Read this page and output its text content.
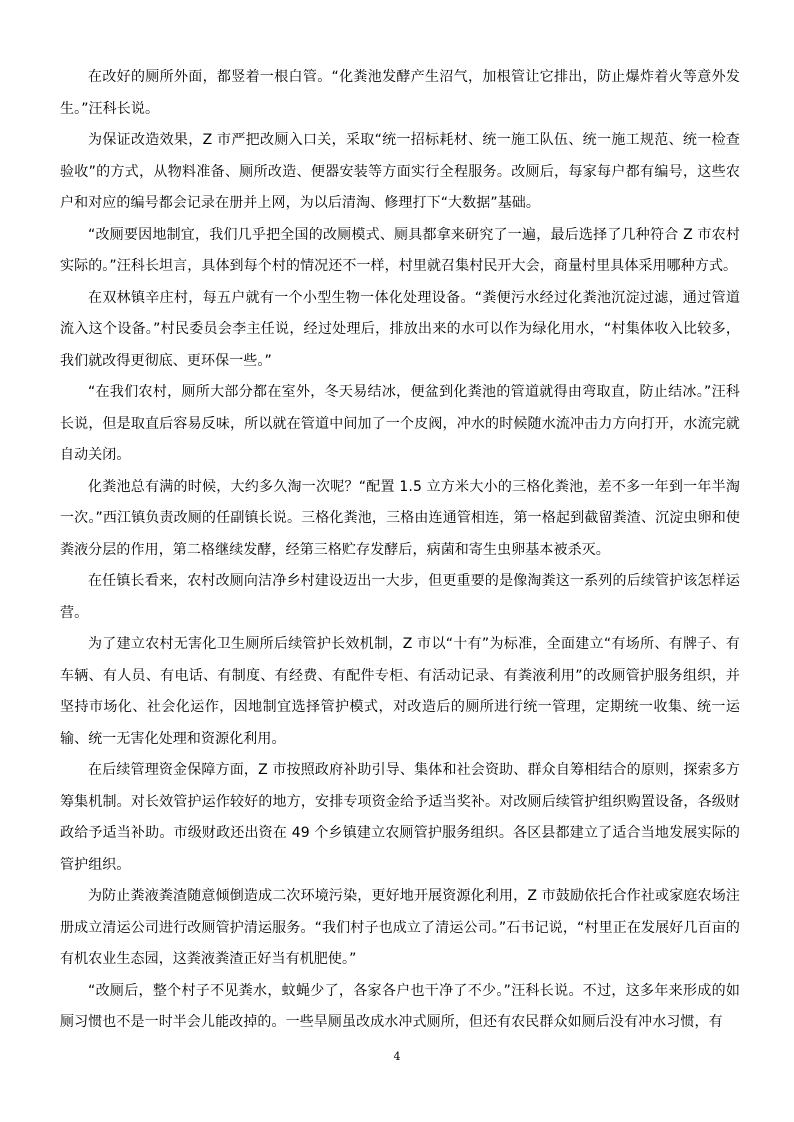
在改好的厕所外面，都竖着一根白管。“化粪池发酵产生沼气，加根管让它排出，防止爆炸着火等意外发生。”汪科长说。

为保证改造效果，Z 市严把改厕入口关，采取“统一招标耗材、统一施工队伍、统一施工规范、统一检查验收”的方式，从物料准备、厕所改造、便器安装等方面实行全程服务。改厕后，每家每户都有编号，这些农户和对应的编号都会记录在册并上网，为以后清淘、修理打下“大数据”基础。

“改厕要因地制宜，我们几乎把全国的改厕模式、厕具都拿来研究了一遍，最后选择了几种符合 Z 市农村实际的。”汪科长坦言，具体到每个村的情况还不一样，村里就召集村民开大会，商量村里具体采用哪种方式。

在双林镇辛庄村，每五户就有一个小型生物一体化处理设备。“粪便污水经过化粪池沉淀过滤，通过管道流入这个设备。”村民委员会李主任说，经过处理后，排放出来的水可以作为绿化用水，“村集体收入比较多，我们就改得更彻底、更环保一些。”

“在我们农村，厕所大部分都在室外，冬天易结冰，便盆到化粪池的管道就得由弯取直，防止结冰。”汪科长说，但是取直后容易反味，所以就在管道中间加了一个皮阀，冲水的时候随水流冲击力方向打开，水流完就自动关闭。

化粪池总有满的时候，大约多久淘一次呢？“配置 1.5 立方米大小的三格化粪池，差不多一年到一年半淘一次。”西江镇负责改厕的任副镇长说。三格化粪池，三格由连通管相连，第一格起到截留粪渣、沉淀虫卵和使粪液分层的作用，第二格继续发酵，经第三格贮存发酵后，病菌和寄生虫卵基本被杀灭。

在任镇长看来，农村改厕向洁净乡村建设迈出一大步，但更重要的是像淘粪这一系列的后续管护该怎样运营。

为了建立农村无害化卫生厕所后续管护长效机制，Z 市以“十有”为标准，全面建立“有场所、有牌子、有车辆、有人员、有电话、有制度、有经费、有配件专柜、有活动记录、有粪液利用”的改厕管护服务组织，并坚持市场化、社会化运作，因地制宜选择管护模式，对改造后的厕所进行统一管理，定期统一收集、统一运输、统一无害化处理和资源化利用。

在后续管理资金保障方面，Z 市按照政府补助引导、集体和社会资助、群众自筹相结合的原则，探索多方筹集机制。对长效管护运作较好的地方，安排专项资金给予适当奖补。对改厕后续管护组织购置设备，各级财政给予适当补助。市级财政还出资在 49 个乡镇建立农厕管护服务组织。各区县都建立了适合当地发展实际的管护组织。

为防止粪液粪渣随意倾倒造成二次环境污染，更好地开展资源化利用，Z 市鼓励依托合作社或家庭农场注册成立清运公司进行改厕管护清运服务。“我们村子也成立了清运公司。”石书记说，“村里正在发展好几百亩的有机农业生态园，这粪液粪渣正好当有机肥使。”

“改厕后，整个村子不见粪水，蚊蝇少了，各家各户也干净了不少。”汪科长说。不过，这多年来形成的如厕习惯也不是一时半会儿能改掉的。一些旱厕虽改成水冲式厕所，但还有农民群众如厕后没有冲水习惯，有

4
